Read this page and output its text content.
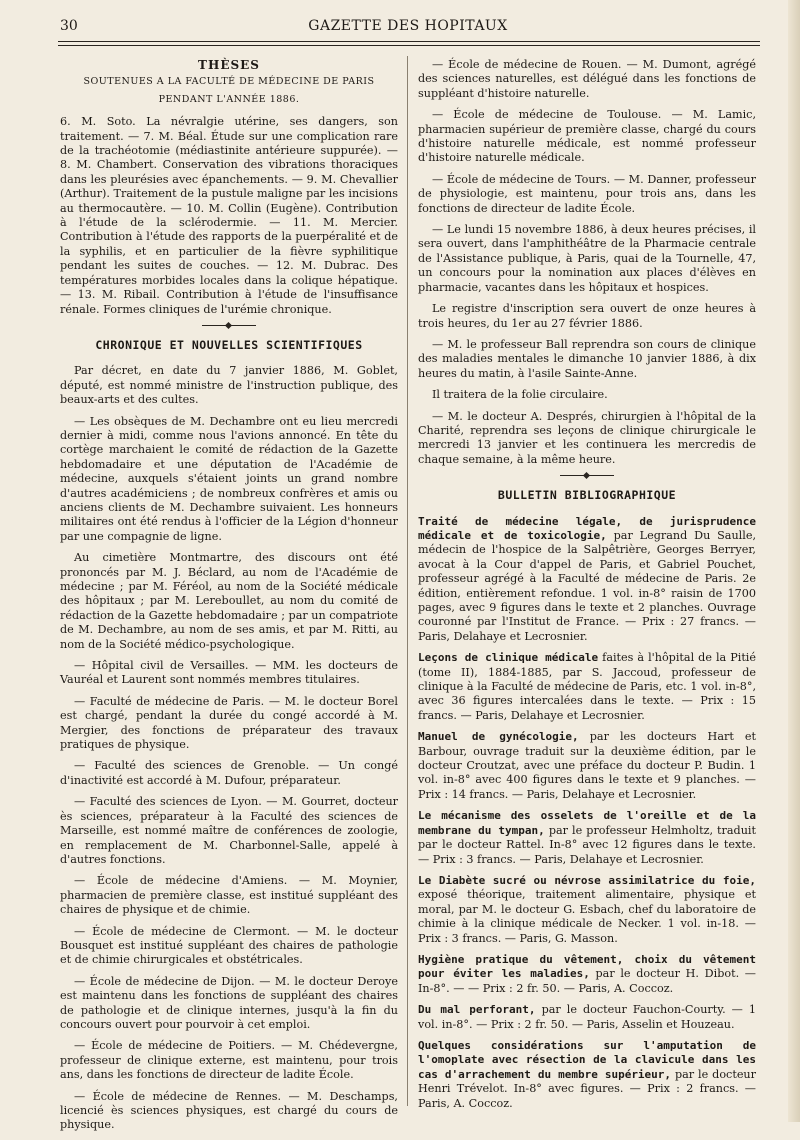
30	GAZETTE DES HOPITAUX
THÈSES
SOUTENUES A LA FACULTÉ DE MÉDECINE DE PARIS
PENDANT L'ANNÉE 1886.

6. M. Soto. La névralgie utérine, ses dangers, son traitement. — 7. M. Béal. Étude sur une complication rare de la trachéotomie (médiastinite antérieure suppurée). — 8. M. Chambert. Conservation des vibrations thoraciques dans les pleurésies avec épanchements. — 9. M. Chevallier (Arthur). Traitement de la pustule maligne par les incisions au thermocautère. — 10. M. Collin (Eugène). Contribution à l'étude de la sclérodermie. — 11. M. Mercier. Contribution à l'étude des rapports de la puerpéralité et de la syphilis, et en particulier de la fièvre syphilitique pendant les suites de couches. — 12. M. Dubrac. Des températures morbides locales dans la colique hépatique. — 13. M. Ribail. Contribution à l'étude de l'insuffisance rénale. Formes cliniques de l'urémie chronique.

CHRONIQUE ET NOUVELLES SCIENTIFIQUES

Par décret, en date du 7 janvier 1886, M. Goblet, député, est nommé ministre de l'instruction publique, des beaux-arts et des cultes.

— Les obsèques de M. Dechambre ont eu lieu mercredi dernier à midi, comme nous l'avions annoncé. En tête du cortège marchaient le comité de rédaction de la Gazette hebdomadaire et une députation de l'Académie de médecine, auxquels s'étaient joints un grand nombre d'autres académiciens ; de nombreux confrères et amis ou anciens clients de M. Dechambre suivaient. Les honneurs militaires ont été rendus à l'officier de la Légion d'honneur par une compagnie de ligne.

Au cimetière Montmartre, des discours ont été prononcés par M. J. Béclard, au nom de l'Académie de médecine ; par M. Féréol, au nom de la Société médicale des hôpitaux ; par M. Lereboullet, au nom du comité de rédaction de la Gazette hebdomadaire ; par un compatriote de M. Dechambre, au nom de ses amis, et par M. Ritti, au nom de la Société médico-psychologique.

— Hôpital civil de Versailles. — MM. les docteurs de Vauréal et Laurent sont nommés membres titulaires.

— Faculté de médecine de Paris. — M. le docteur Borel est chargé, pendant la durée du congé accordé à M. Mergier, des fonctions de préparateur des travaux pratiques de physique.

— Faculté des sciences de Grenoble. — Un congé d'inactivité est accordé à M. Dufour, préparateur.

— Faculté des sciences de Lyon. — M. Gourret, docteur ès sciences, préparateur à la Faculté des sciences de Marseille, est nommé maître de conférences de zoologie, en remplacement de M. Charbonnel-Salle, appelé à d'autres fonctions.

— École de médecine d'Amiens. — M. Moynier, pharmacien de première classe, est institué suppléant des chaires de physique et de chimie.

— École de médecine de Clermont. — M. le docteur Bousquet est institué suppléant des chaires de pathologie et de chimie chirurgicales et obstétricales.

— École de médecine de Dijon. — M. le docteur Deroye est maintenu dans les fonctions de suppléant des chaires de pathologie et de clinique internes, jusqu'à la fin du concours ouvert pour pourvoir à cet emploi.

— École de médecine de Poitiers. — M. Chédevergne, professeur de clinique externe, est maintenu, pour trois ans, dans les fonctions de directeur de ladite École.

— École de médecine de Rennes. — M. Deschamps, licencié ès sciences physiques, est chargé du cours de physique.

— École de médecine de Rouen. — M. Dumont, agrégé des sciences naturelles, est délégué dans les fonctions de suppléant d'histoire naturelle.

— École de médecine de Toulouse. — M. Lamic, pharmacien supérieur de première classe, chargé du cours d'histoire naturelle médicale, est nommé professeur d'histoire naturelle médicale.

— École de médecine de Tours. — M. Danner, professeur de physiologie, est maintenu, pour trois ans, dans les fonctions de directeur de ladite École.

— Le lundi 15 novembre 1886, à deux heures précises, il sera ouvert, dans l'amphithéâtre de la Pharmacie centrale de l'Assistance publique, à Paris, quai de la Tournelle, 47, un concours pour la nomination aux places d'élèves en pharmacie, vacantes dans les hôpitaux et hospices.

Le registre d'inscription sera ouvert de onze heures à trois heures, du 1er au 27 février 1886.

— M. le professeur Ball reprendra son cours de clinique des maladies mentales le dimanche 10 janvier 1886, à dix heures du matin, à l'asile Sainte-Anne.

Il traitera de la folie circulaire.

— M. le docteur A. Després, chirurgien à l'hôpital de la Charité, reprendra ses leçons de clinique chirurgicale le mercredi 13 janvier et les continuera les mercredis de chaque semaine, à la même heure.

BULLETIN BIBLIOGRAPHIQUE
Traité de médecine légale, de jurisprudence médicale et de toxicologie, par Legrand Du Saulle, médecin de l'hospice de la Salpêtrière, Georges Berryer, avocat à la Cour d'appel de Paris, et Gabriel Pouchet, professeur agrégé à la Faculté de médecine de Paris. 2e édition, entièrement refondue. 1 vol. in-8° raisin de 1700 pages, avec 9 figures dans le texte et 2 planches. Ouvrage couronné par l'Institut de France. — Prix : 27 francs. — Paris, Delahaye et Lecrosnier.
Leçons de clinique médicale faites à l'hôpital de la Pitié (tome II), 1884-1885, par S. Jaccoud, professeur de clinique à la Faculté de médecine de Paris, etc. 1 vol. in-8°, avec 36 figures intercalées dans le texte. — Prix : 15 francs. — Paris, Delahaye et Lecrosnier.
Manuel de gynécologie, par les docteurs Hart et Barbour, ouvrage traduit sur la deuxième édition, par le docteur Croutzat, avec une préface du docteur P. Budin. 1 vol. in-8° avec 400 figures dans le texte et 9 planches. — Prix : 14 francs. — Paris, Delahaye et Lecrosnier.
Le mécanisme des osselets de l'oreille et de la membrane du tympan, par le professeur Helmholtz, traduit par le docteur Rattel. In-8° avec 12 figures dans le texte. — Prix : 3 francs. — Paris, Delahaye et Lecrosnier.
Le Diabète sucré ou névrose assimilatrice du foie, exposé théorique, traitement alimentaire, physique et moral, par M. le docteur G. Esbach, chef du laboratoire de chimie à la clinique médicale de Necker. 1 vol. in-18. — Prix : 3 francs. — Paris, G. Masson.
Hygiène pratique du vêtement, choix du vêtement pour éviter les maladies, par le docteur H. Dibot. — In-8°. — — Prix : 2 fr. 50. — Paris, A. Coccoz.
Du mal perforant, par le docteur Fauchon-Courty. — 1 vol. in-8°. — Prix : 2 fr. 50. — Paris, Asselin et Houzeau.
Quelques considérations sur l'amputation de l'omoplate avec résection de la clavicule dans les cas d'arrachement du membre supérieur, par le docteur Henri Trévelot. In-8° avec figures. — Prix : 2 francs. — Paris, A. Coccoz.
